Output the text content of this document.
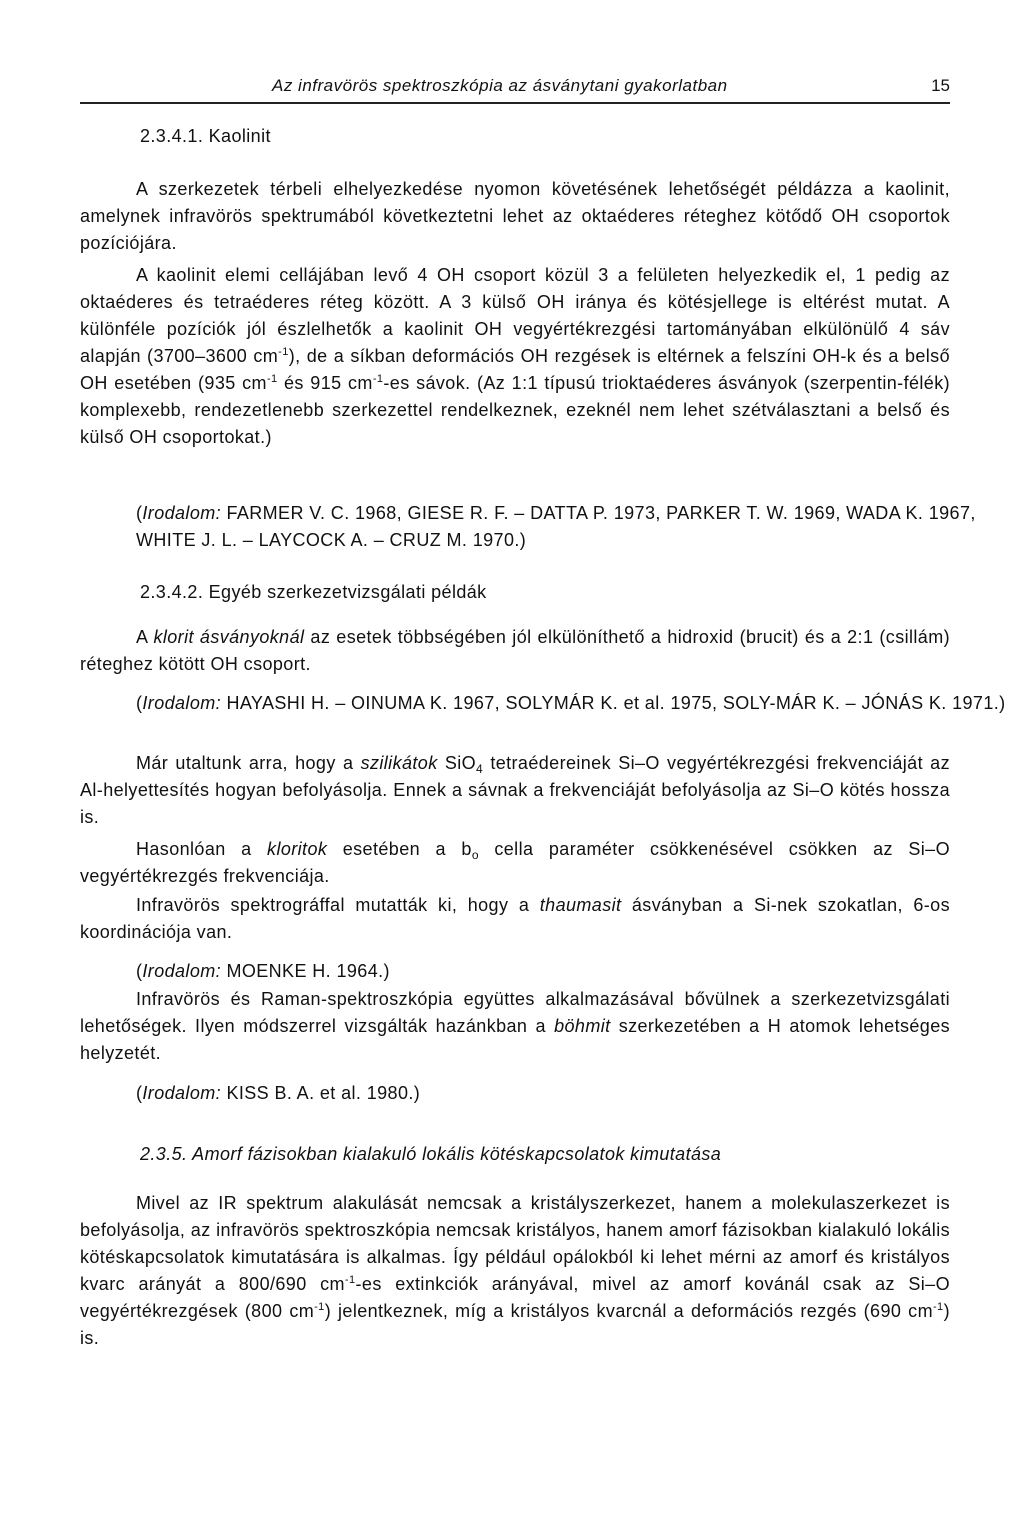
Az infravörös spektroszkópia az ásványtani gyakorlatban	15
2.3.4.1. Kaolinit

A szerkezetek térbeli elhelyezkedése nyomon követésének lehetőségét példázza a kaolinit, amelynek infravörös spektrumából következtetni lehet az oktaéderes réteghez kötődő OH csoportok pozíciójára.

A kaolinit elemi cellájában levő 4 OH csoport közül 3 a felületen helyezkedik el, 1 pedig az oktaéderes és tetraéderes réteg között. A 3 külső OH iránya és kötésjellege is eltérést mutat. A különféle pozíciók jól észlelhetők a kaolinit OH vegyértékrezgési tartományában elkülönülő 4 sáv alapján (3700–3600 $cm^{-1}$), de a síkban deformációs OH rezgések is eltérnek a felszíni OH-k és a belső OH esetében (935 $cm^{-1}$ és 915 $cm^{-1}-es$ sávok. (Az 1:1 típusú trioktaéderes ásványok (szerpentin-félék) komplexebb, rendezetlenebb szerkezettel rendelkeznek, ezeknél nem lehet szétválasztani a belső és külső OH csoportokat.)

(Irodalom: FARMER V. C. 1968, GIESE R. F. – DATTA P. 1973, PARKER T. W. 1969, WADA K. 1967, WHITE J. L. – LAYCOCK A. – CRUZ M. 1970.)

2.3.4.2. Egyéb szerkezetvizsgálati példák

A klorit ásványoknál az esetek többségében jól elkülöníthető a hidroxid (brucit) és a 2:1 (csillám) réteghez kötött OH csoport.

(Irodalom: HAYASHI H. – OINUMA K. 1967, SOLYMÁR K. et al. 1975, SOLY-MÁR K. – JÓNÁS K. 1971.)

Már utaltunk arra, hogy a szilikátok SiO$_4$ tetraédereinek Si–O vegyértékrezgési frekvenciáját az Al-helyettesítés hogyan befolyásolja. Ennek a sávnak a frekvenciáját befolyásolja az Si–O kötés hossza is.

Hasonlóan a kloritok esetében a $b_o$ cella paraméter csökkenésével csökken az Si–O vegyértékrezgés frekvenciája.

Infravörös spektrográffal mutatták ki, hogy a thaumasit ásványban a Si-nek szokatlan, 6-os koordinációja van.

(Irodalom: MOENKE H. 1964.)

Infravörös és Raman-spektroszkópia együttes alkalmazásával bővülnek a szerkezetvizsgálati lehetőségek. Ilyen módszerrel vizsgálták hazánkban a böhmit szerkezetében a H atomok lehetséges helyzetét.

(Irodalom: KISS B. A. et al. 1980.)

2.3.5. Amorf fázisokban kialakuló lokális kötéskapcsolatok kimutatása

Mivel az IR spektrum alakulását nemcsak a kristályszerkezet, hanem a molekulaszerkezet is befolyásolja, az infravörös spektroszkópia nemcsak kristályos, hanem amorf fázisokban kialakuló lokális kötéskapcsolatok kimutatására is alkalmas. Így például opálokból ki lehet mérni az amorf és kristályos kvarc arányát a 800/690 $cm^{-1}-es$ extinkciók arányával, mivel az amorf kovánál csak az Si–O vegyértékrezgések (800 $cm^{-1}$) jelentkeznek, míg a kristályos kvarcnál a deformációs rezgés (690 $cm^{-1}$) is.
